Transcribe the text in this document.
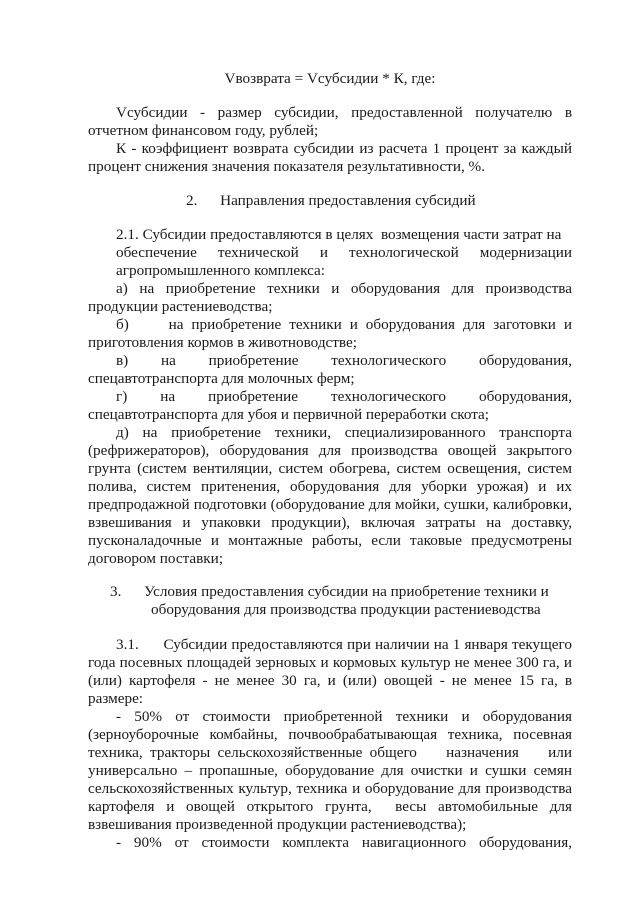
Vвозврата = Vсубсидии * К, где:
Vсубсидии - размер субсидии, предоставленной получателю в
отчетном финансовом году, рублей;
К - коэффициент возврата субсидии из расчета 1 процент за каждый
процент снижения значения показателя результативности, %.
2.      Направления предоставления субсидий
2.1. Субсидии предоставляются в целях  возмещения части затрат на
обеспечение технической и технологической модернизации
агропромышленного комплекса:
а) на приобретение техники и оборудования для производства
продукции растениеводства;
б)     на приобретение техники и оборудования для заготовки и
приготовления кормов в животноводстве;
в) на приобретение технологического оборудования,
спецавтотранспорта для молочных ферм;
г) на приобретение технологического оборудования,
спецавтотранспорта для убоя и первичной переработки скота;
д) на приобретение техники, специализированного транспорта
(рефрижераторов), оборудования для производства овощей закрытого
грунта (систем вентиляции, систем обогрева, систем освещения, систем
полива, систем притенения, оборудования для уборки урожая) и их
предпродажной подготовки (оборудование для мойки, сушки, калибровки,
взвешивания и упаковки продукции), включая затраты на доставку,
пусконаладочные и монтажные работы, если таковые предусмотрены
договором поставки;
3.      Условия предоставления субсидии на приобретение техники и
оборудования для производства продукции растениеводства
3.1.      Субсидии предоставляются при наличии на 1 января текущего
года посевных площадей зерновых и кормовых культур не менее 300 га, и
(или) картофеля - не менее 30 га, и (или) овощей - не менее 15 га, в
размере:
- 50% от стоимости приобретенной техники и оборудования
(зерноуборочные комбайны, почвообрабатывающая техника, посевная
техника, тракторы сельскохозяйственные общего    назначения    или
универсально – пропашные, оборудование для очистки и сушки семян
сельскохозяйственных культур, техника и оборудование для производства
картофеля и овощей открытого грунта,  весы автомобильные для
взвешивания произведенной продукции растениеводства);
- 90% от стоимости комплекта навигационного оборудования,
